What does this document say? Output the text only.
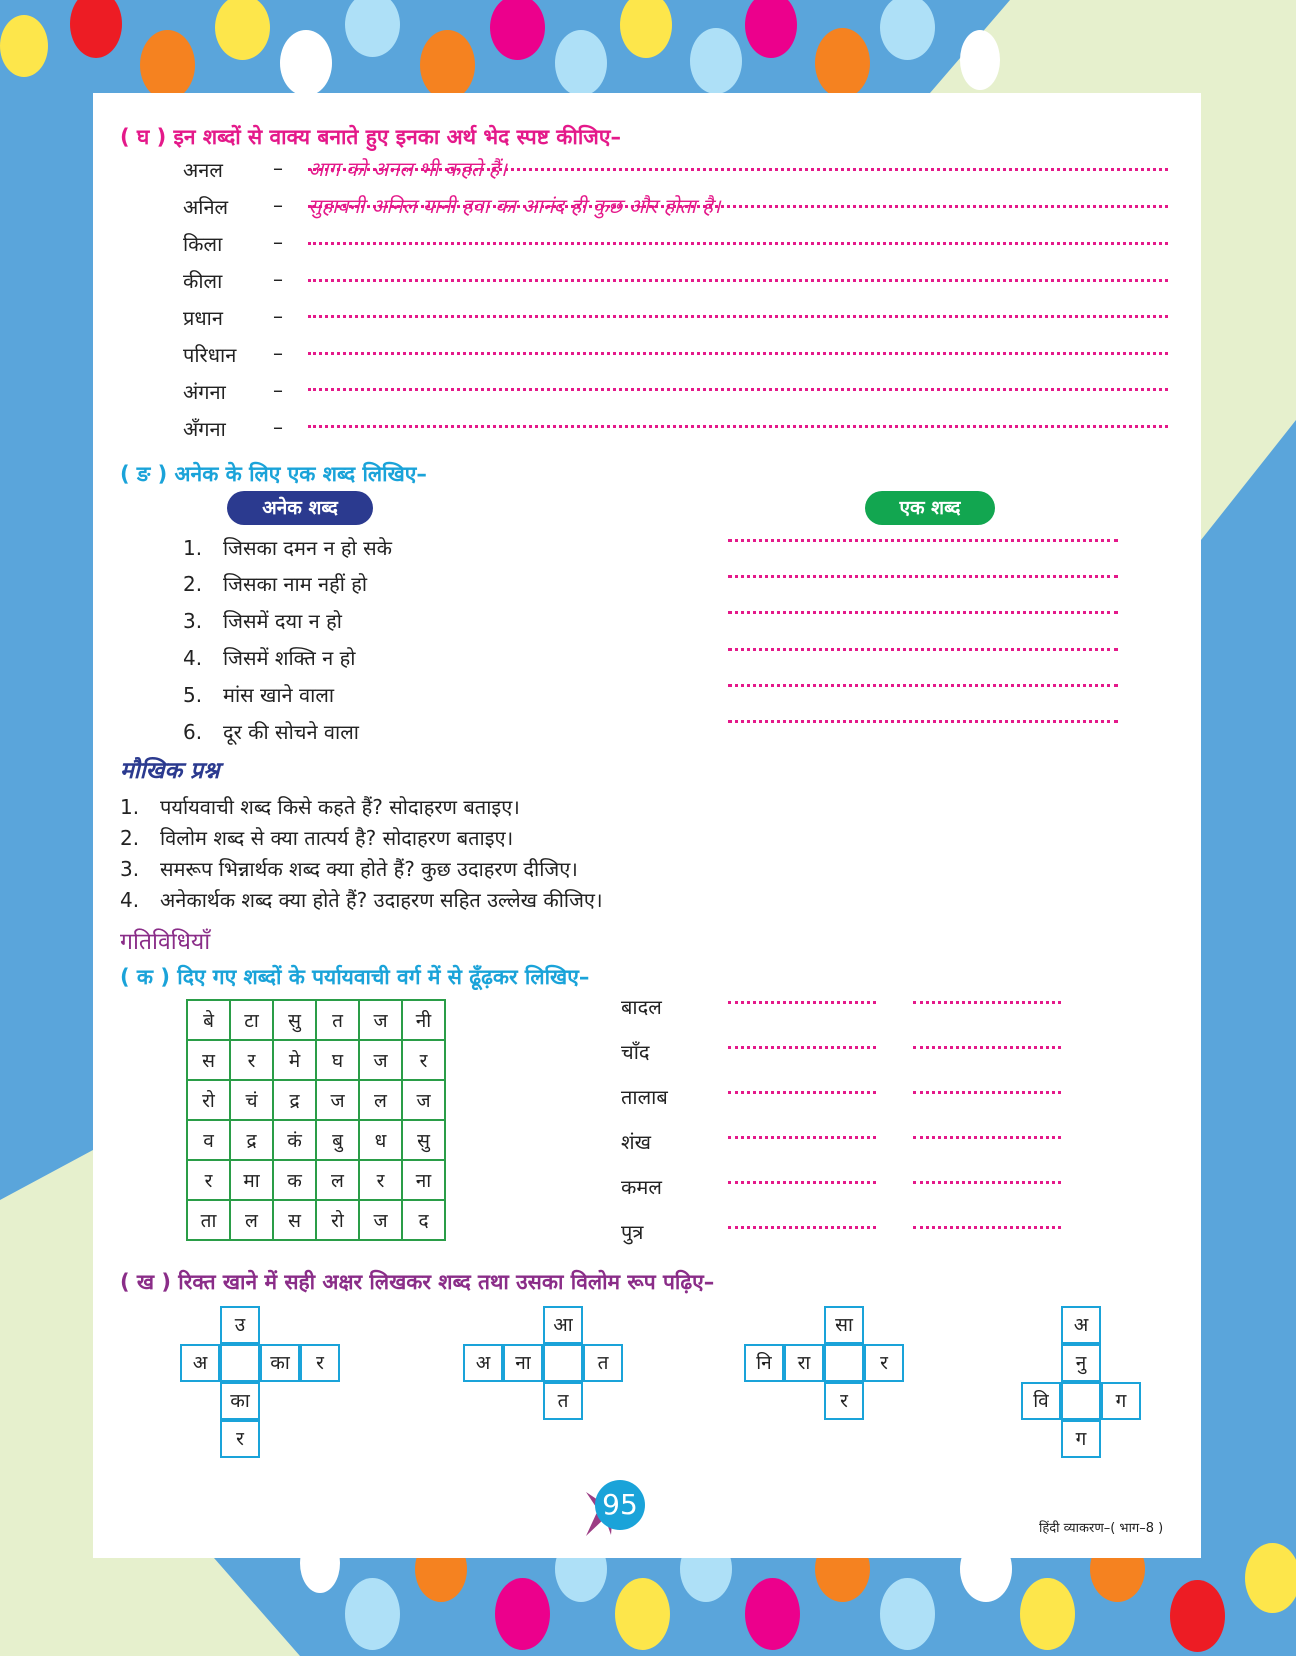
( घ ) इन शब्दों से वाक्य बनाते हुए इनका अर्थ भेद स्पष्ट कीजिए–
अनल	– आग को अनल भी कहते हैं।
अनिल – सुहावनी अनिल यानी हवा का आनंद ही कुछ और होता है।
किला	–
कीला	–
प्रधान	–
परिधान –
अंगना –
अँगना –
( ङ ) अनेक के लिए एक शब्द लिखिए–
अनेक शब्द	एक शब्द
1. जिसका दमन न हो सके
2. जिसका नाम नहीं हो
3. जिसमें दया न हो
4. जिसमें शक्ति न हो
5. मांस खाने वाला
6. दूर की सोचने वाला
मौखिक प्रश्न
1. पर्यायवाची शब्द किसे कहते हैं? सोदाहरण बताइए।
2. विलोम शब्द से क्या तात्पर्य है? सोदाहरण बताइए।
3. समरूप भिन्नार्थक शब्द क्या होते हैं? कुछ उदाहरण दीजिए।
4. अनेकार्थक शब्द क्या होते हैं? उदाहरण सहित उल्लेख कीजिए।
गतिविधियाँ
( क ) दिए गए शब्दों के पर्यायवाची वर्ग में से ढूँढ़कर लिखिए–
बे	टा	सु	त	ज	नी
स	र	मे	घ	ज	र
रो	चं	द्र	ज	ल	ज
व	द्र	कं	बु	ध	सु
र	मा	क	ल	र	ना
ता	ल	स	रो	ज	द
बादल
चाँद
तालाब
शंख
कमल
पुत्र
( ख ) रिक्त खाने में सही अक्षर लिखकर शब्द तथा उसका विलोम रूप पढ़िए–
उ
अ	का	र
का
र
आ
अ	ना	त
त
सा
नि	रा	र
र
अ
नु
वि	ग
ग
95
हिंदी व्याकरण–( भाग–8 )
